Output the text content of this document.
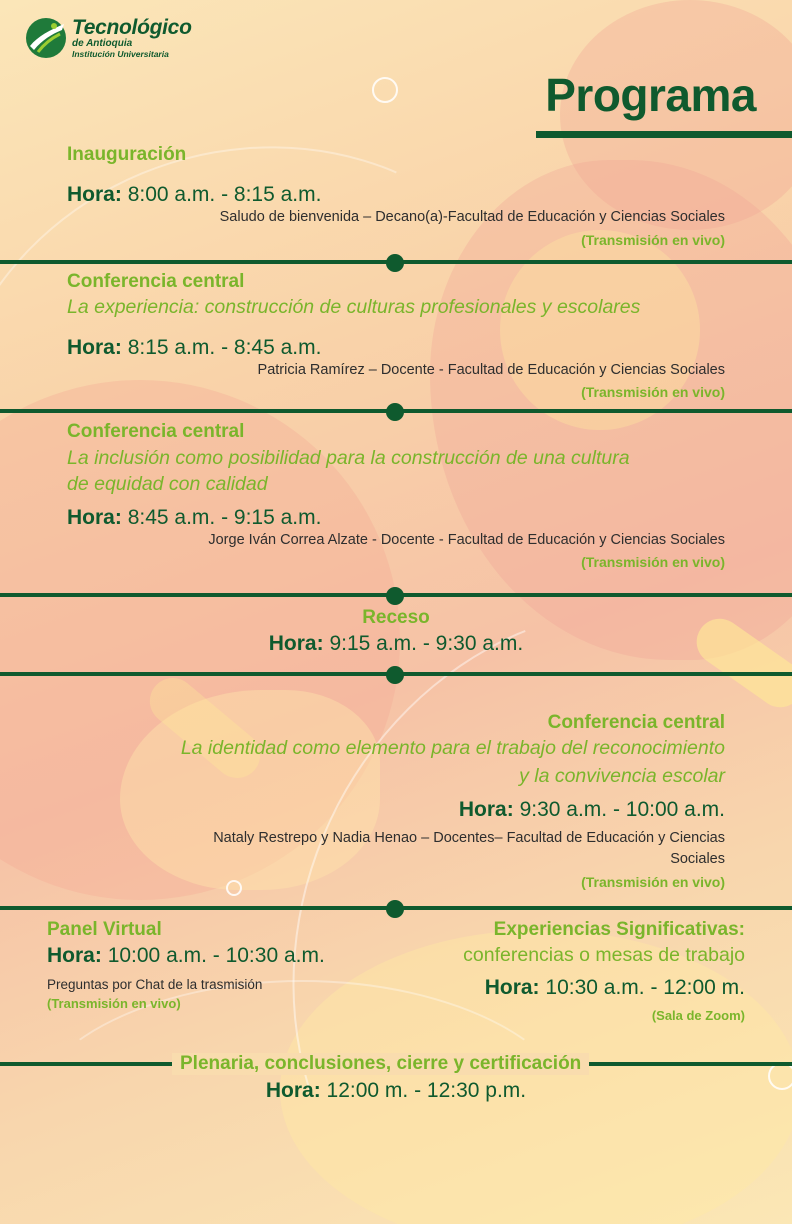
Tecnológico
de Antioquia
Institución Universitaria
Programa
Inauguración
Hora: 8:00 a.m. - 8:15 a.m.
Saludo de bienvenida – Decano(a)-Facultad de Educación y Ciencias Sociales
(Transmisión en vivo)
Conferencia central
La experiencia: construcción de culturas profesionales y escolares
Hora: 8:15 a.m. - 8:45 a.m.
Patricia Ramírez – Docente - Facultad de Educación y Ciencias Sociales
(Transmisión en vivo)
Conferencia central
La inclusión como posibilidad para la construcción de una cultura
de equidad con calidad
Hora: 8:45 a.m. - 9:15 a.m.
Jorge Iván Correa Alzate - Docente - Facultad de Educación y Ciencias Sociales
(Transmisión en vivo)
Receso
Hora: 9:15 a.m. - 9:30 a.m.
Conferencia central
La identidad como elemento para el trabajo del reconocimiento
y la convivencia escolar
Hora: 9:30 a.m. - 10:00 a.m.
Nataly Restrepo y Nadia Henao – Docentes– Facultad de Educación y Ciencias
Sociales
(Transmisión en vivo)
Panel Virtual
Hora: 10:00 a.m. - 10:30 a.m.
Preguntas por Chat de la trasmisión
(Transmisión en vivo)
Experiencias Significativas:
conferencias o mesas de trabajo
Hora: 10:30 a.m. - 12:00 m.
(Sala de Zoom)
Plenaria, conclusiones, cierre y certificación
Hora: 12:00 m. - 12:30 p.m.
